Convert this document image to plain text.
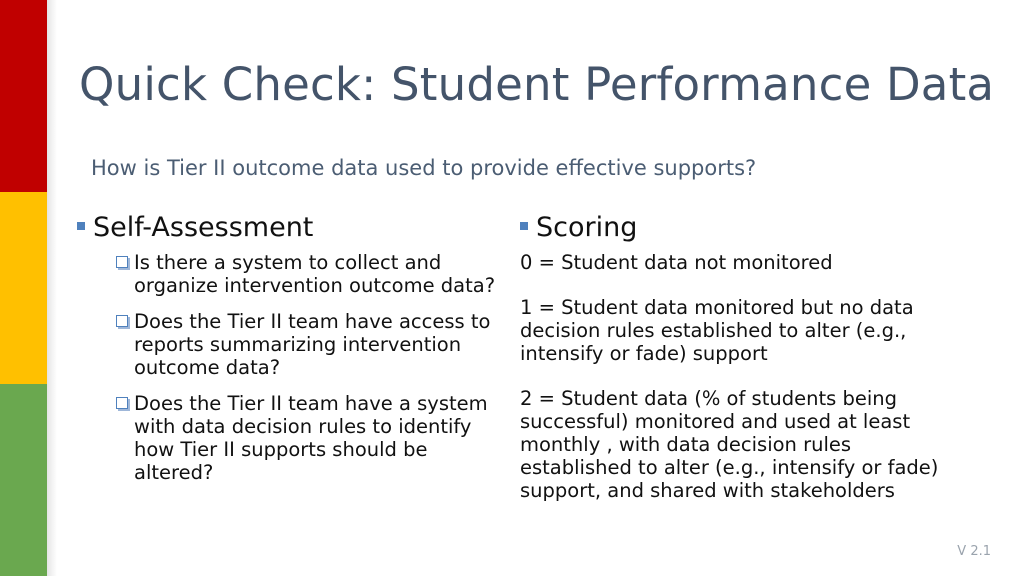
Quick Check: Student Performance Data
How is Tier II outcome data used to provide effective supports?
Self-Assessment
Is there a system to collect and organize intervention outcome data?
Does the Tier II team have access to reports summarizing intervention outcome data?
Does the Tier II team have a system with data decision rules to identify how Tier II supports should be altered?
Scoring
0 = Student data not monitored
1 = Student data monitored but no data decision rules established to alter (e.g., intensify or fade) support
2 = Student data (% of students being successful) monitored and used at least monthly , with data decision rules established to alter (e.g., intensify or fade) support, and shared with stakeholders
V 2.1
